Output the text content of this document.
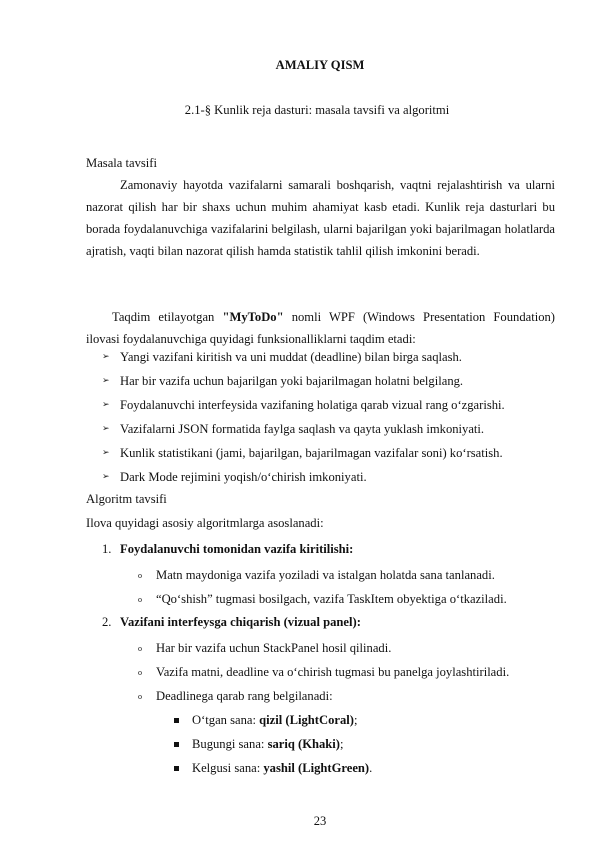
AMALIY QISM
2.1-§ Kunlik reja dasturi: masala tavsifi va algoritmi
Masala tavsifi
Zamonaviy hayotda vazifalarni samarali boshqarish, vaqtni rejalashtirish va ularni nazorat qilish har bir shaxs uchun muhim ahamiyat kasb etadi. Kunlik reja dasturlari bu borada foydalanuvchiga vazifalarini belgilash, ularni bajarilgan yoki bajarilmagan holatlarda ajratish, vaqti bilan nazorat qilish hamda statistik tahlil qilish imkonini beradi.
Taqdim etilayotgan "MyToDo" nomli WPF (Windows Presentation Foundation) ilovasi foydalanuvchiga quyidagi funksionalliklarni taqdim etadi:
➢ Yangi vazifani kiritish va uni muddat (deadline) bilan birga saqlash.
➢ Har bir vazifa uchun bajarilgan yoki bajarilmagan holatni belgilang.
➢ Foydalanuvchi interfeysida vazifaning holatiga qarab vizual rang o‘zgarishi.
➢ Vazifalarni JSON formatida faylga saqlash va qayta yuklash imkoniyati.
➢ Kunlik statistikani (jami, bajarilgan, bajarilmagan vazifalar soni) ko‘rsatish.
➢ Dark Mode rejimini yoqish/o‘chirish imkoniyati.
Algoritm tavsifi
Ilova quyidagi asosiy algoritmlarga asoslanadi:
1. Foydalanuvchi tomonidan vazifa kiritilishi:
o Matn maydoniga vazifa yoziladi va istalgan holatda sana tanlanadi.
o “Qo‘shish” tugmasi bosilgach, vazifa TaskItem obyektiga o‘tkaziladi.
2. Vazifani interfeysga chiqarish (vizual panel):
o Har bir vazifa uchun StackPanel hosil qilinadi.
o Vazifa matni, deadline va o‘chirish tugmasi bu panelga joylashtiriladi.
o Deadlinega qarab rang belgilanadi:
O‘tgan sana: qizil (LightCoral);
Bugungi sana: sariq (Khaki);
Kelgusi sana: yashil (LightGreen).
23
